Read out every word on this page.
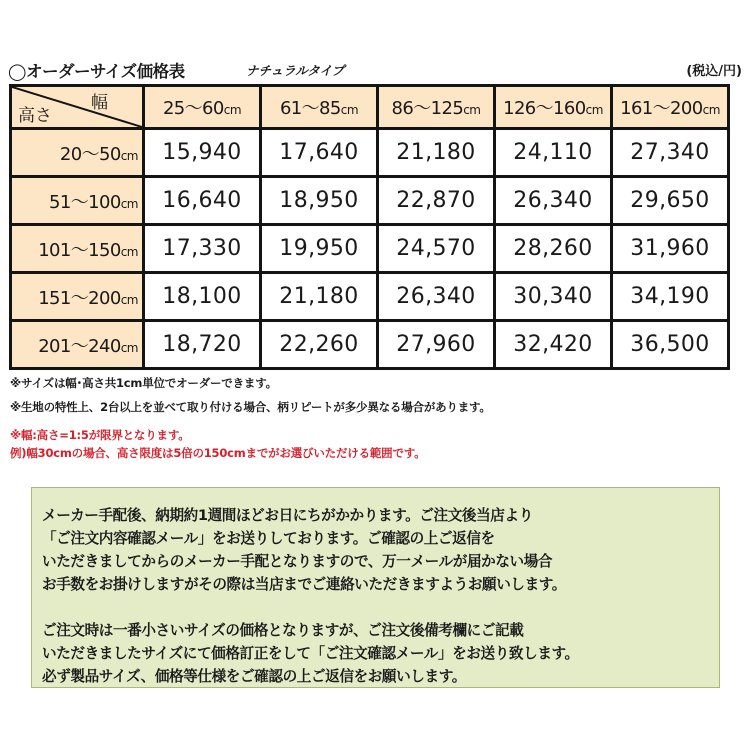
◯オーダーサイズ価格表	ナチュラルタイプ	(税込/円)
幅
高さ	25〜60cm	61〜85cm	86〜125cm	126〜160cm	161〜200cm
20〜50cm	15,940	17,640	21,180	24,110	27,340
51〜100cm	16,640	18,950	22,870	26,340	29,650
101〜150cm	17,330	19,950	24,570	28,260	31,960
151〜200cm	18,100	21,180	26,340	30,340	34,190
201〜240cm	18,720	22,260	27,960	32,420	36,500
※サイズは幅･高さ共1cm単位でオーダーできます。
※生地の特性上、2台以上を並べて取り付ける場合、柄リピートが多少異なる場合があります。
※幅:高さ=1:5が限界となります。
例)幅30cmの場合、高さ限度は5倍の150cmまでがお選びいただける範囲です。

メーカー手配後、納期約1週間ほどお日にちがかかります。ご注文後当店より

「ご注文内容確認メール」をお送りしております。ご確認の上ご返信を

いただきましてからのメーカー手配となりますので、万一メールが届かない場合

お手数をお掛けしますがその際は当店までご連絡いただきますようお願いします。

ご注文時は一番小さいサイズの価格となりますが、ご注文後備考欄にご記載

いただきましたサイズにて価格訂正をして「ご注文確認メール」をお送り致します。

必ず製品サイズ、価格等仕様をご確認の上ご返信をお願いします。
